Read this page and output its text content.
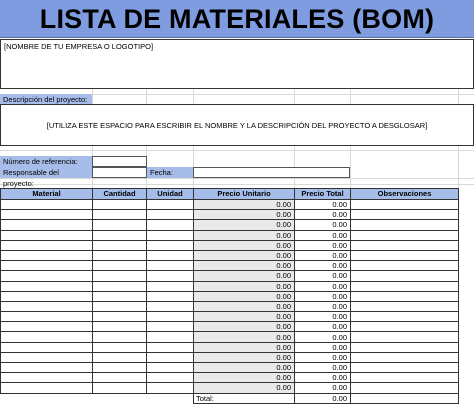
LISTA DE MATERIALES (BOM)
[NOMBRE DE TU EMPRESA O LOGOTIPO]
Descripción del proyecto:
[UTILIZA ESTE ESPACIO PARA ESCRIBIR EL NOMBRE Y LA DESCRIPCIÓN DEL PROYECTO A DESGLOSAR]
Número de referencia:
Responsable del proyecto:
Fecha:
Material	Cantidad	Unidad	Precio Unitario	Precio Total	Observaciones
			0.00	0.00	
			0.00	0.00	
			0.00	0.00	
			0.00	0.00	
			0.00	0.00	
			0.00	0.00	
			0.00	0.00	
			0.00	0.00	
			0.00	0.00	
			0.00	0.00	
			0.00	0.00	
			0.00	0.00	
			0.00	0.00	
			0.00	0.00	
			0.00	0.00	
			0.00	0.00	
			0.00	0.00	
			0.00	0.00	
			0.00	0.00	
			Total:	0.00	
